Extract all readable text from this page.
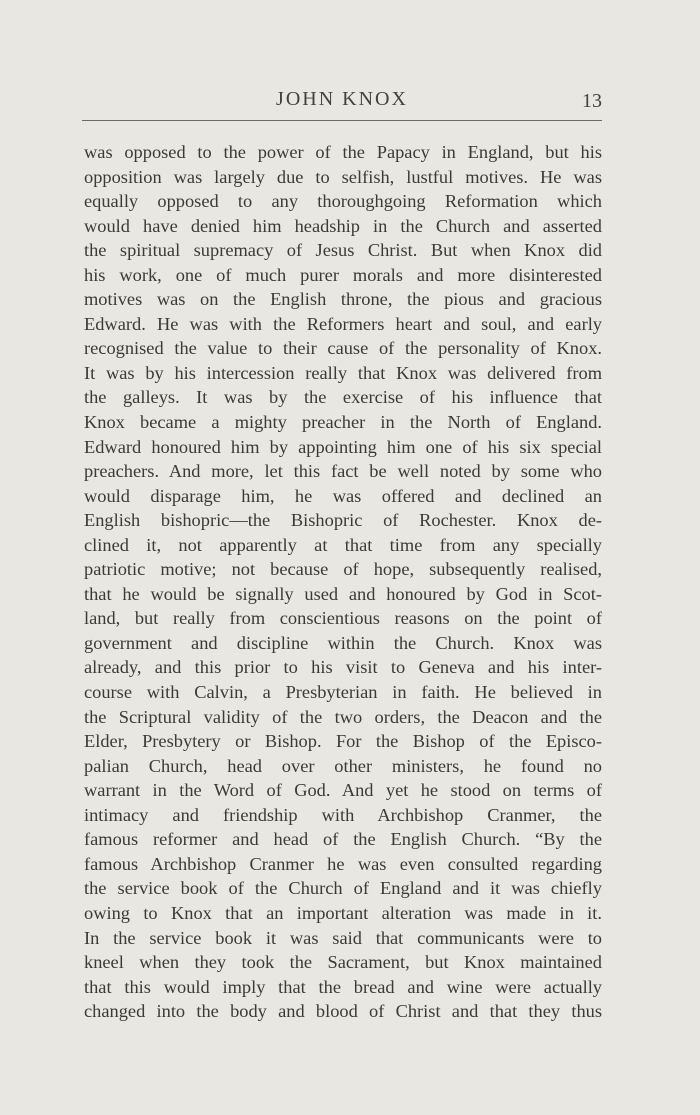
JOHN KNOX	13
was opposed to the power of the Papacy in England, but his
opposition was largely due to selfish, lustful motives. He was
equally opposed to any thoroughgoing Reformation which
would have denied him headship in the Church and asserted
the spiritual supremacy of Jesus Christ. But when Knox did
his work, one of much purer morals and more disinterested
motives was on the English throne, the pious and gracious
Edward. He was with the Reformers heart and soul, and early
recognised the value to their cause of the personality of Knox.
It was by his intercession really that Knox was delivered from
the galleys. It was by the exercise of his influence that
Knox became a mighty preacher in the North of England.
Edward honoured him by appointing him one of his six special
preachers. And more, let this fact be well noted by some who
would disparage him, he was offered and declined an
English bishopric—the Bishopric of Rochester. Knox de-
clined it, not apparently at that time from any specially
patriotic motive; not because of hope, subsequently realised,
that he would be signally used and honoured by God in Scot-
land, but really from conscientious reasons on the point of
government and discipline within the Church. Knox was
already, and this prior to his visit to Geneva and his inter-
course with Calvin, a Presbyterian in faith. He believed in
the Scriptural validity of the two orders, the Deacon and the
Elder, Presbytery or Bishop. For the Bishop of the Episco-
palian Church, head over other ministers, he found no
warrant in the Word of God. And yet he stood on terms of
intimacy and friendship with Archbishop Cranmer, the
famous reformer and head of the English Church. “By the
famous Archbishop Cranmer he was even consulted regarding
the service book of the Church of England and it was chiefly
owing to Knox that an important alteration was made in it.
In the service book it was said that communicants were to
kneel when they took the Sacrament, but Knox maintained
that this would imply that the bread and wine were actually
changed into the body and blood of Christ and that they thus
